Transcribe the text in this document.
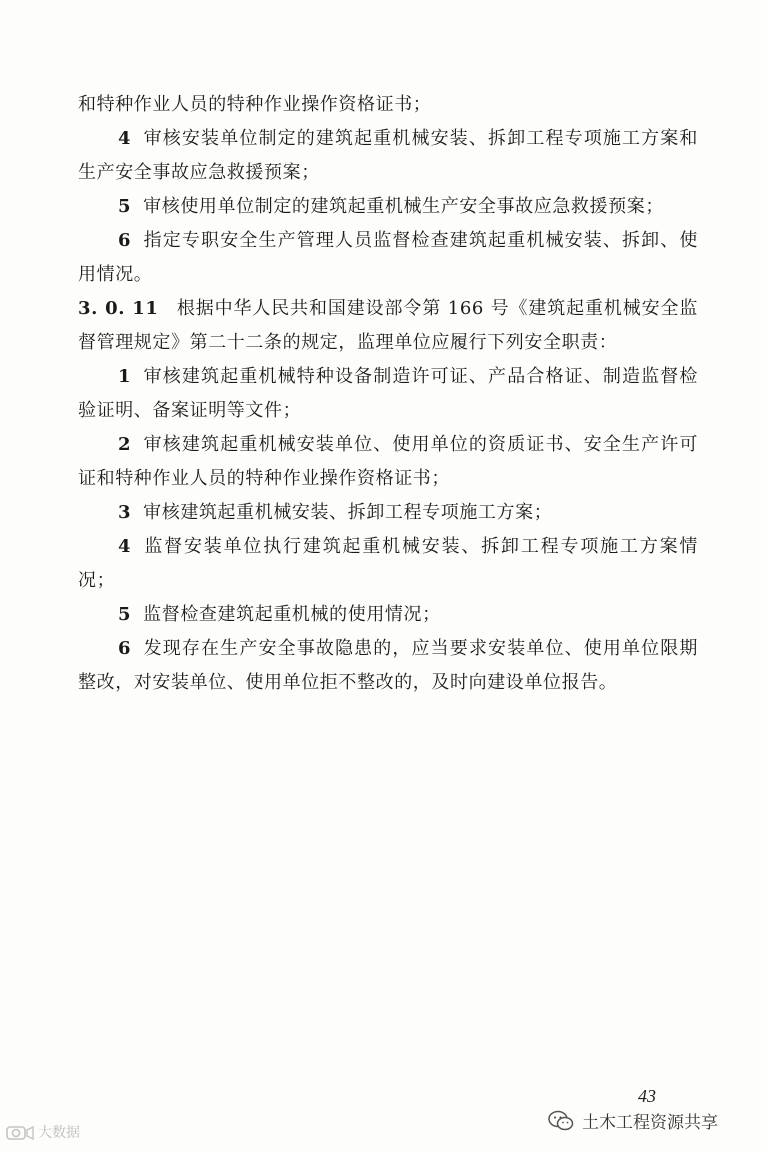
和特种作业人员的特种作业操作资格证书；

4 审核安装单位制定的建筑起重机械安装、拆卸工程专项施工方案和生产安全事故应急救援预案；

5 审核使用单位制定的建筑起重机械生产安全事故应急救援预案；

6 指定专职安全生产管理人员监督检查建筑起重机械安装、拆卸、使用情况。

3. 0. 11 根据中华人民共和国建设部令第 166 号《建筑起重机械安全监督管理规定》第二十二条的规定，监理单位应履行下列安全职责：

1 审核建筑起重机械特种设备制造许可证、产品合格证、制造监督检验证明、备案证明等文件；

2 审核建筑起重机械安装单位、使用单位的资质证书、安全生产许可证和特种作业人员的特种作业操作资格证书；

3 审核建筑起重机械安装、拆卸工程专项施工方案；

4 监督安装单位执行建筑起重机械安装、拆卸工程专项施工方案情况；

5 监督检查建筑起重机械的使用情况；

6 发现存在生产安全事故隐患的，应当要求安装单位、使用单位限期整改，对安装单位、使用单位拒不整改的，及时向建设单位报告。

43
土木工程资源共享
大数据
